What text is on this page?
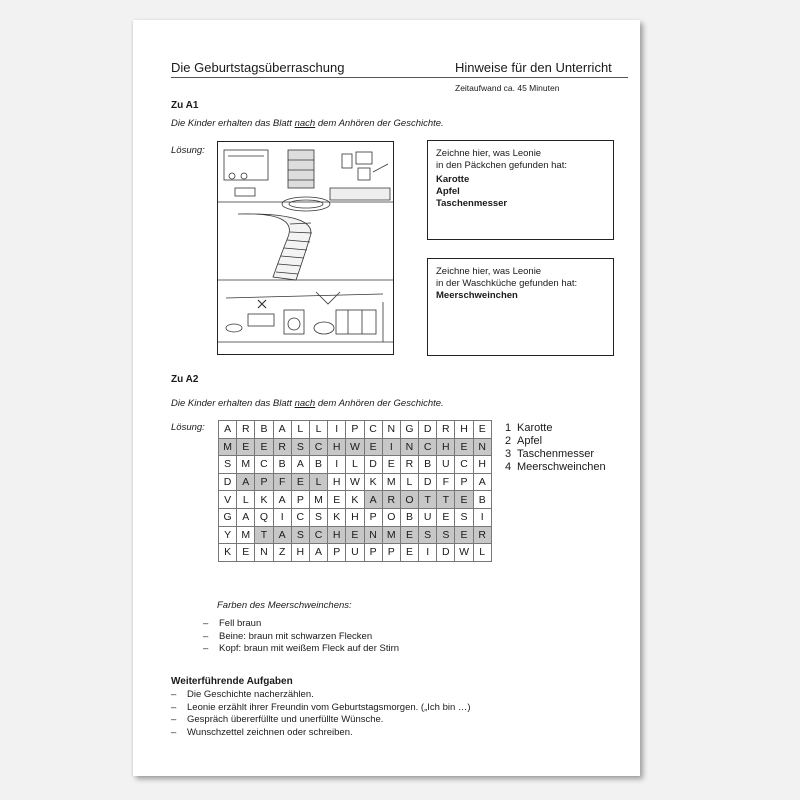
Die Geburtstagsüberraschung	Hinweise für den Unterricht
Zeitaufwand ca. 45 Minuten
Zu A1
Die Kinder erhalten das Blatt nach dem Anhören der Geschichte.
Lösung:	Zeichne hier, was Leonie
in den Päckchen gefunden hat:
Karotte
Apfel
Taschenmesser
Zeichne hier, was Leonie
in der Waschküche gefunden hat:
Meerschweinchen
Zu A2
Die Kinder erhalten das Blatt nach dem Anhören der Geschichte.
Lösung: A	R	B	A	L	L	I	P	C	N	G	D	R	H	E
M	E	E	R	S	C	H	W	E	I	N	C	H	E	N
S	M	C	B	A	B	I	L	D	E	R	B	U	C	H
D	A	P	F	E	L	H	W	K	M	L	D	F	P	A
V	L	K	A	P	M	E	K	A	R	O	T	T	E	B
G	A	Q	I	C	S	K	H	P	O	B	U	E	S	I
Y	M	T	A	S	C	H	E	N	M	E	S	S	E	R
K	E	N	Z	H	A	P	U	P	P	E	I	D	W	L
1 Karotte
2 Apfel
3 Taschenmesser
4 Meerschweinchen
Farben des Meerschweinchens:
– Fell braun
– Beine: braun mit schwarzen Flecken
– Kopf: braun mit weißem Fleck auf der Stirn
Weiterführende Aufgaben
– Die Geschichte nacherzählen.
– Leonie erzählt ihrer Freundin vom Geburtstagsmorgen. („Ich bin …)
– Gespräch übererfüllte und unerfüllte Wünsche.
– Wunschzettel zeichnen oder schreiben.
